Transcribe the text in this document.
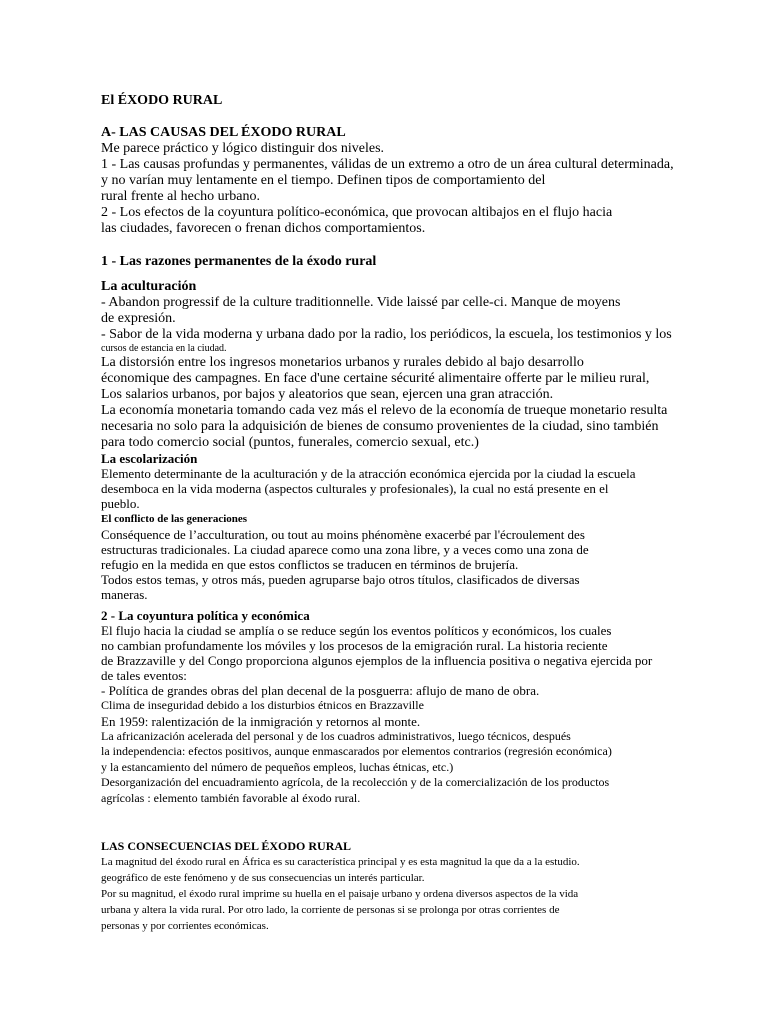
El ÉXODO RURAL
A- LAS CAUSAS DEL ÉXODO RURAL
Me parece práctico y lógico distinguir dos niveles.
1 - Las causas profundas y permanentes, válidas de un extremo a otro de un área cultural determinada,
y no varían muy lentamente en el tiempo. Definen tipos de comportamiento del
rural frente al hecho urbano.
2 - Los efectos de la coyuntura político-económica, que provocan altibajos en el flujo hacia
las ciudades, favorecen o frenan dichos comportamientos.
1 - Las razones permanentes de la éxodo rural
La aculturación
- Abandon progressif de la culture traditionnelle. Vide laissé par celle-ci. Manque de moyens
de expresión.
- Sabor de la vida moderna y urbana dado por la radio, los periódicos, la escuela, los testimonios y los
cursos de estancia en la ciudad.
La distorsión entre los ingresos monetarios urbanos y rurales debido al bajo desarrollo
économique des campagnes. En face d'une certaine sécurité alimentaire offerte par le milieu rural,
Los salarios urbanos, por bajos y aleatorios que sean, ejercen una gran atracción.
La economía monetaria tomando cada vez más el relevo de la economía de trueque monetario resulta
necesaria no solo para la adquisición de bienes de consumo provenientes de la ciudad, sino también
para todo comercio social (puntos, funerales, comercio sexual, etc.)
La escolarización
Elemento determinante de la aculturación y de la atracción económica ejercida por la ciudad la escuela
desemboca en la vida moderna (aspectos culturales y profesionales), la cual no está presente en el
pueblo.
El conflicto de las generaciones
Conséquence de l’acculturation, ou tout au moins phénomène exacerbé par l'écroulement des
estructuras tradicionales. La ciudad aparece como una zona libre, y a veces como una zona de
refugio en la medida en que estos conflictos se traducen en términos de brujería.
Todos estos temas, y otros más, pueden agruparse bajo otros títulos, clasificados de diversas
maneras.
2 - La coyuntura política y económica
El flujo hacia la ciudad se amplía o se reduce según los eventos políticos y económicos, los cuales
no cambian profundamente los móviles y los procesos de la emigración rural. La historia reciente
de Brazzaville y del Congo proporciona algunos ejemplos de la influencia positiva o negativa ejercida por
de tales eventos:
- Política de grandes obras del plan decenal de la posguerra: aflujo de mano de obra.
Clima de inseguridad debido a los disturbios étnicos en Brazzaville
En 1959: ralentización de la inmigración y retornos al monte.
La africanización acelerada del personal y de los cuadros administrativos, luego técnicos, después
la independencia: efectos positivos, aunque enmascarados por elementos contrarios (regresión económica)
y la estancamiento del número de pequeños empleos, luchas étnicas, etc.)
Desorganización del encuadramiento agrícola, de la recolección y de la comercialización de los productos
agrícolas : elemento también favorable al éxodo rural.
LAS CONSECUENCIAS DEL ÉXODO RURAL
La magnitud del éxodo rural en África es su característica principal y es esta magnitud la que da a la estudio.
geográfico de este fenómeno y de sus consecuencias un interés particular.
Por su magnitud, el éxodo rural imprime su huella en el paisaje urbano y ordena diversos aspectos de la vida
urbana y altera la vida rural. Por otro lado, la corriente de personas si se prolonga por otras corrientes de
personas y por corrientes económicas.
